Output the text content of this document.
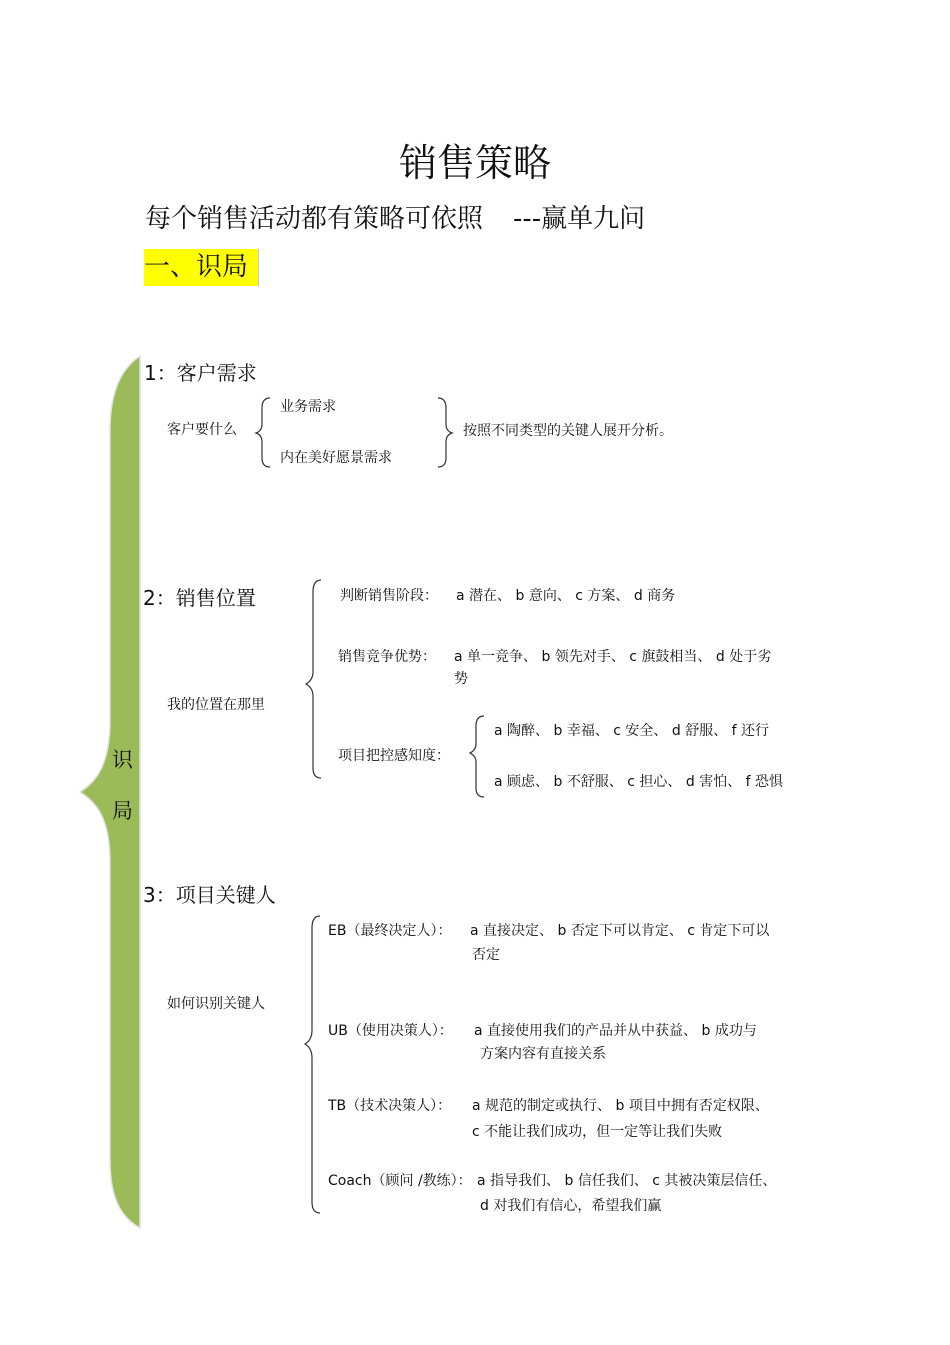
销售策略
每个销售活动都有策略可依照 ---赢单九问
一、识局
识
局
1：客户需求
客户要什么
业务需求
内在美好愿景需求
按照不同类型的关键人展开分析。
2：销售位置
我的位置在那里
判断销售阶段： a 潜在、 b 意向、 c 方案、 d 商务
销售竞争优势： a 单一竞争、 b 领先对手、 c 旗鼓相当、 d 处于劣
势
项目把控感知度：
a 陶醉、 b 幸福、 c 安全、 d 舒服、 f 还行
a 顾虑、 b 不舒服、 c 担心、 d 害怕、 f 恐惧
3：项目关键人
如何识别关键人
EB（最终决定人）： a 直接决定、 b 否定下可以肯定、 c 肯定下可以
否定
UB（使用决策人）： a 直接使用我们的产品并从中获益、 b 成功与
方案内容有直接关系
TB（技术决策人）： a 规范的制定或执行、 b 项目中拥有否定权限、
c 不能让我们成功，但一定等让我们失败
Coach（顾问 /教练）： a 指导我们、 b 信任我们、 c 其被决策层信任、
d 对我们有信心，希望我们赢
